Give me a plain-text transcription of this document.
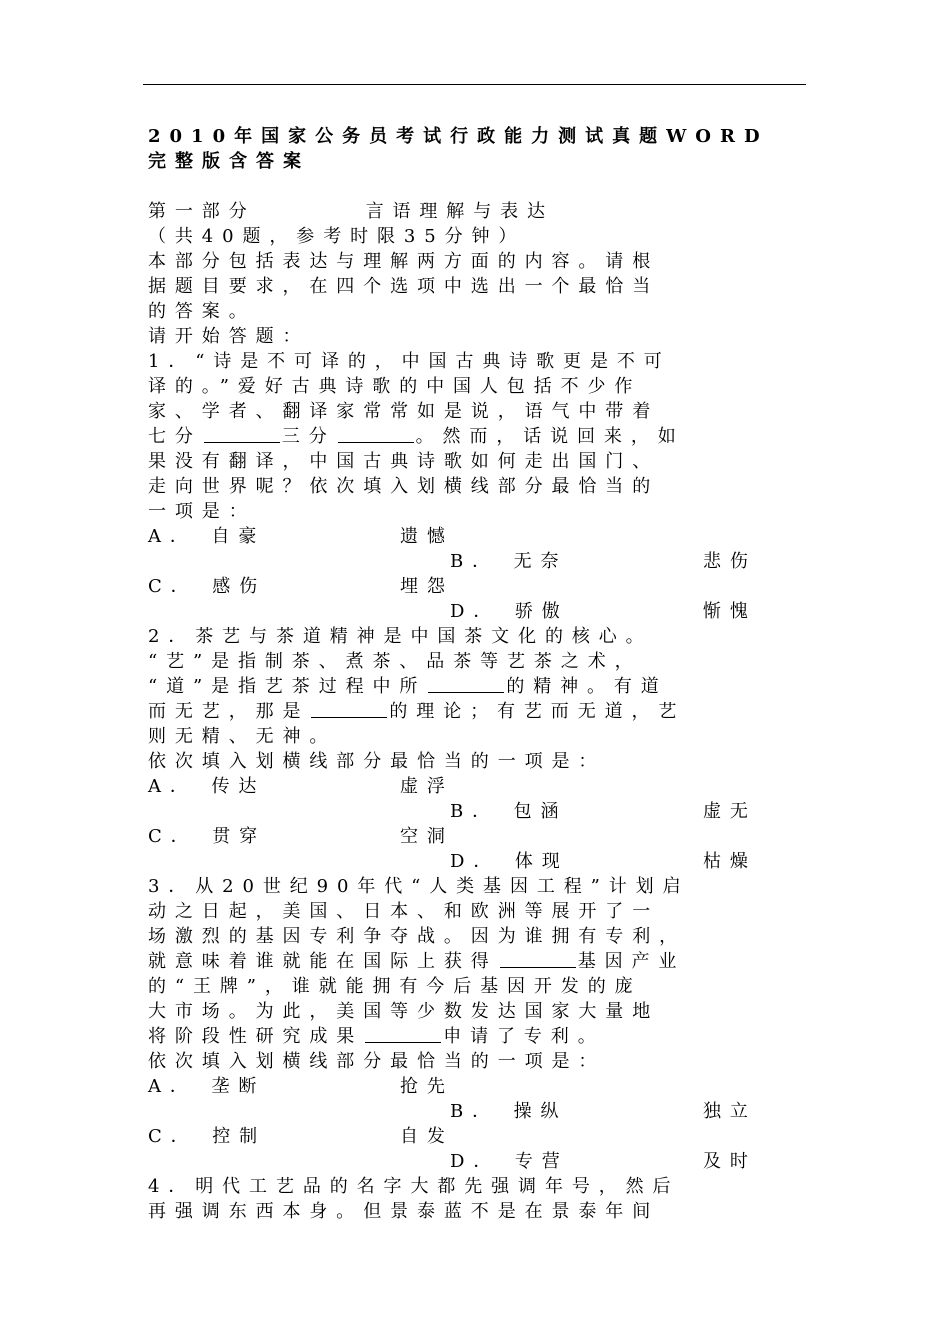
2010年国家公务员考试行政能力测试真题WORD
完整版含答案
第一部分	言语理解与表达
（共40题，参考时限35分钟）
本部分包括表达与理解两方面的内容。请根
据题目要求，在四个选项中选出一个最恰当
的答案。
请开始答题：
1．“诗是不可译的，中国古典诗歌更是不可
译的。”爱好古典诗歌的中国人包括不少作
家、学者、翻译家常常如是说，语气中带着
七分	三分	。然而，话说回来，如
果没有翻译，中国古典诗歌如何走出国门、
走向世界呢？依次填入划横线部分最恰当的
一项是：
A． 自豪	遗憾
B． 无奈	悲伤
C． 感伤	埋怨
D． 骄傲	惭愧
2．茶艺与茶道精神是中国茶文化的核心。
“艺”是指制茶、煮茶、品茶等艺茶之术，
“道”是指艺茶过程中所	的精神。有道
而无艺，那是	的理论；有艺而无道，艺
则无精、无神。
依次填入划横线部分最恰当的一项是：
A． 传达	虚浮
B． 包涵	虚无
C． 贯穿	空洞
D． 体现	枯燥
3．从20世纪90年代“人类基因工程”计划启
动之日起，美国、日本、和欧洲等展开了一
场激烈的基因专利争夺战。因为谁拥有专利，
就意味着谁就能在国际上获得	基因产业
的“王牌”，谁就能拥有今后基因开发的庞
大市场。为此，美国等少数发达国家大量地
将阶段性研究成果	申请了专利。
依次填入划横线部分最恰当的一项是：
A． 垄断	抢先
B． 操纵	独立
C． 控制	自发
D． 专营	及时
4．明代工艺品的名字大都先强调年号，然后
再强调东西本身。但景泰蓝不是在景泰年间
